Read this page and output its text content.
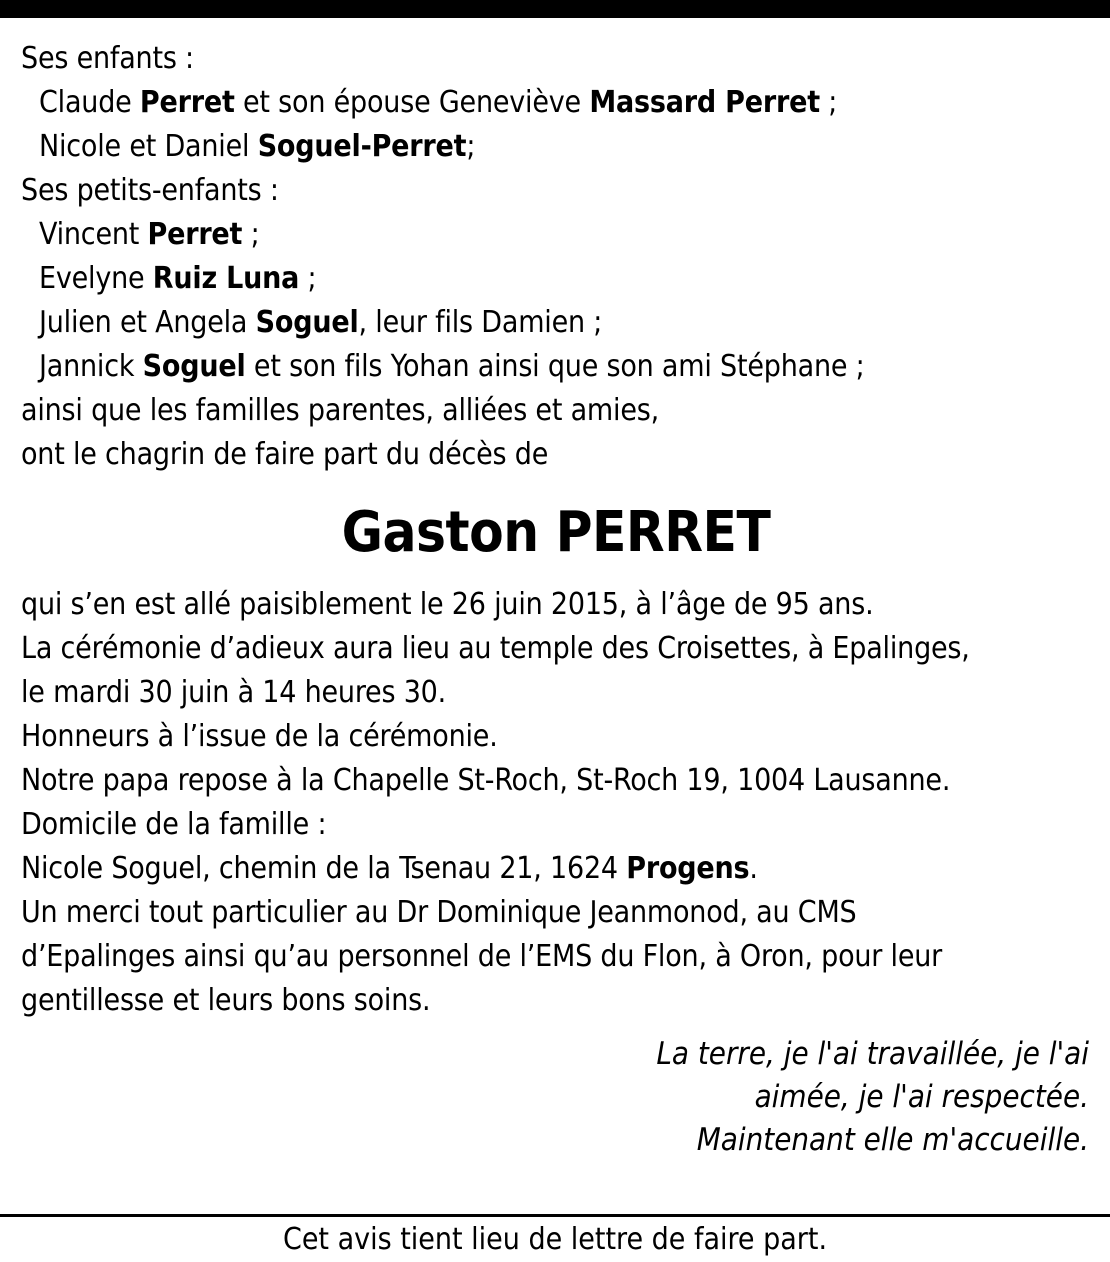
Ses enfants :
Claude Perret et son épouse Geneviève Massard Perret ;
Nicole et Daniel Soguel-Perret;
Ses petits-enfants :
Vincent Perret ;
Evelyne Ruiz Luna ;
Julien et Angela Soguel, leur fils Damien ;
Jannick Soguel et son fils Yohan ainsi que son ami Stéphane ;
ainsi que les familles parentes, alliées et amies,
ont le chagrin de faire part du décès de
Gaston PERRET
qui s’en est allé paisiblement le 26 juin 2015, à l’âge de 95 ans.
La cérémonie d’adieux aura lieu au temple des Croisettes, à Epalinges,
le mardi 30 juin à 14 heures 30.
Honneurs à l’issue de la cérémonie.
Notre papa repose à la Chapelle St-Roch, St-Roch 19, 1004 Lausanne.
Domicile de la famille :
Nicole Soguel, chemin de la Tsenau 21, 1624 Progens.
Un merci tout particulier au Dr Dominique Jeanmonod, au CMS
d’Epalinges ainsi qu’au personnel de l’EMS du Flon, à Oron, pour leur
gentillesse et leurs bons soins.
La terre, je l'ai travaillée, je l'ai
aimée, je l'ai respectée.
Maintenant elle m'accueille.
Cet avis tient lieu de lettre de faire part.
